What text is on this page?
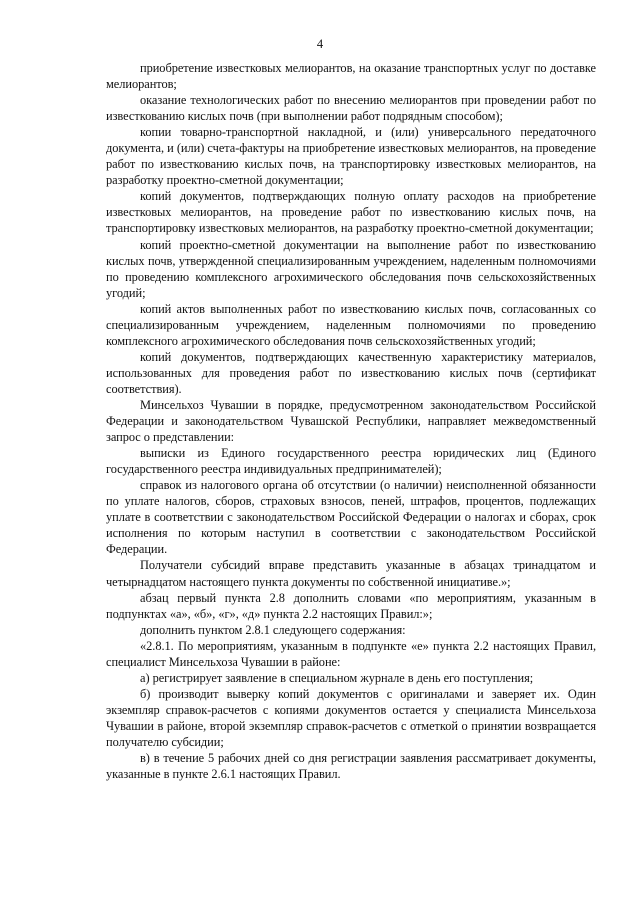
4

приобретение известковых мелиорантов, на оказание транспортных услуг по доставке мелиорантов;

оказание технологических работ по внесению мелиорантов при проведении работ по известкованию кислых почв (при выполнении работ подрядным способом);

копии товарно-транспортной накладной, и (или) универсального передаточного документа, и (или) счета-фактуры на приобретение известковых мелиорантов, на проведение работ по известкованию кислых почв, на транспортировку известковых мелиорантов, на разработку проектно-сметной документации;

копий документов, подтверждающих полную оплату расходов на приобретение известковых мелиорантов, на проведение работ по известкованию кислых почв, на транспортировку известковых мелиорантов, на разработку проектно-сметной документации;

копий проектно-сметной документации на выполнение работ по известкованию кислых почв, утвержденной специализированным учреждением, наделенным полномочиями по проведению комплексного агрохимического обследования почв сельскохозяйственных угодий;

копий актов выполненных работ по известкованию кислых почв, согласованных со специализированным учреждением, наделенным полномочиями по проведению комплексного агрохимического обследования почв сельскохозяйственных угодий;

копий документов, подтверждающих качественную характеристику материалов, использованных для проведения работ по известкованию кислых почв (сертификат соответствия).

Минсельхоз Чувашии в порядке, предусмотренном законодательством Российской Федерации и законодательством Чувашской Республики, направляет межведомственный запрос о представлении:

выписки из Единого государственного реестра юридических лиц (Единого государственного реестра индивидуальных предпринимателей);

справок из налогового органа об отсутствии (о наличии) неисполненной обязанности по уплате налогов, сборов, страховых взносов, пеней, штрафов, процентов, подлежащих уплате в соответствии с законодательством Российской Федерации о налогах и сборах, срок исполнения по которым наступил в соответствии с законодательством Российской Федерации.

Получатели субсидий вправе представить указанные в абзацах тринадцатом и четырнадцатом настоящего пункта документы по собственной инициативе.»;

абзац первый пункта 2.8 дополнить словами «по мероприятиям, указанным в подпунктах «а», «б», «г», «д» пункта 2.2 настоящих Правил:»;

дополнить пунктом 2.8.1 следующего содержания:

«2.8.1. По мероприятиям, указанным в подпункте «е» пункта 2.2 настоящих Правил, специалист Минсельхоза Чувашии в районе:

а) регистрирует заявление в специальном журнале в день его поступления;

б) производит выверку копий документов с оригиналами и заверяет их. Один экземпляр справок-расчетов с копиями документов остается у специалиста Минсельхоза Чувашии в районе, второй экземпляр справок-расчетов с отметкой о принятии возвращается получателю субсидии;

в) в течение 5 рабочих дней со дня регистрации заявления рассматривает документы, указанные в пункте 2.6.1 настоящих Правил.
